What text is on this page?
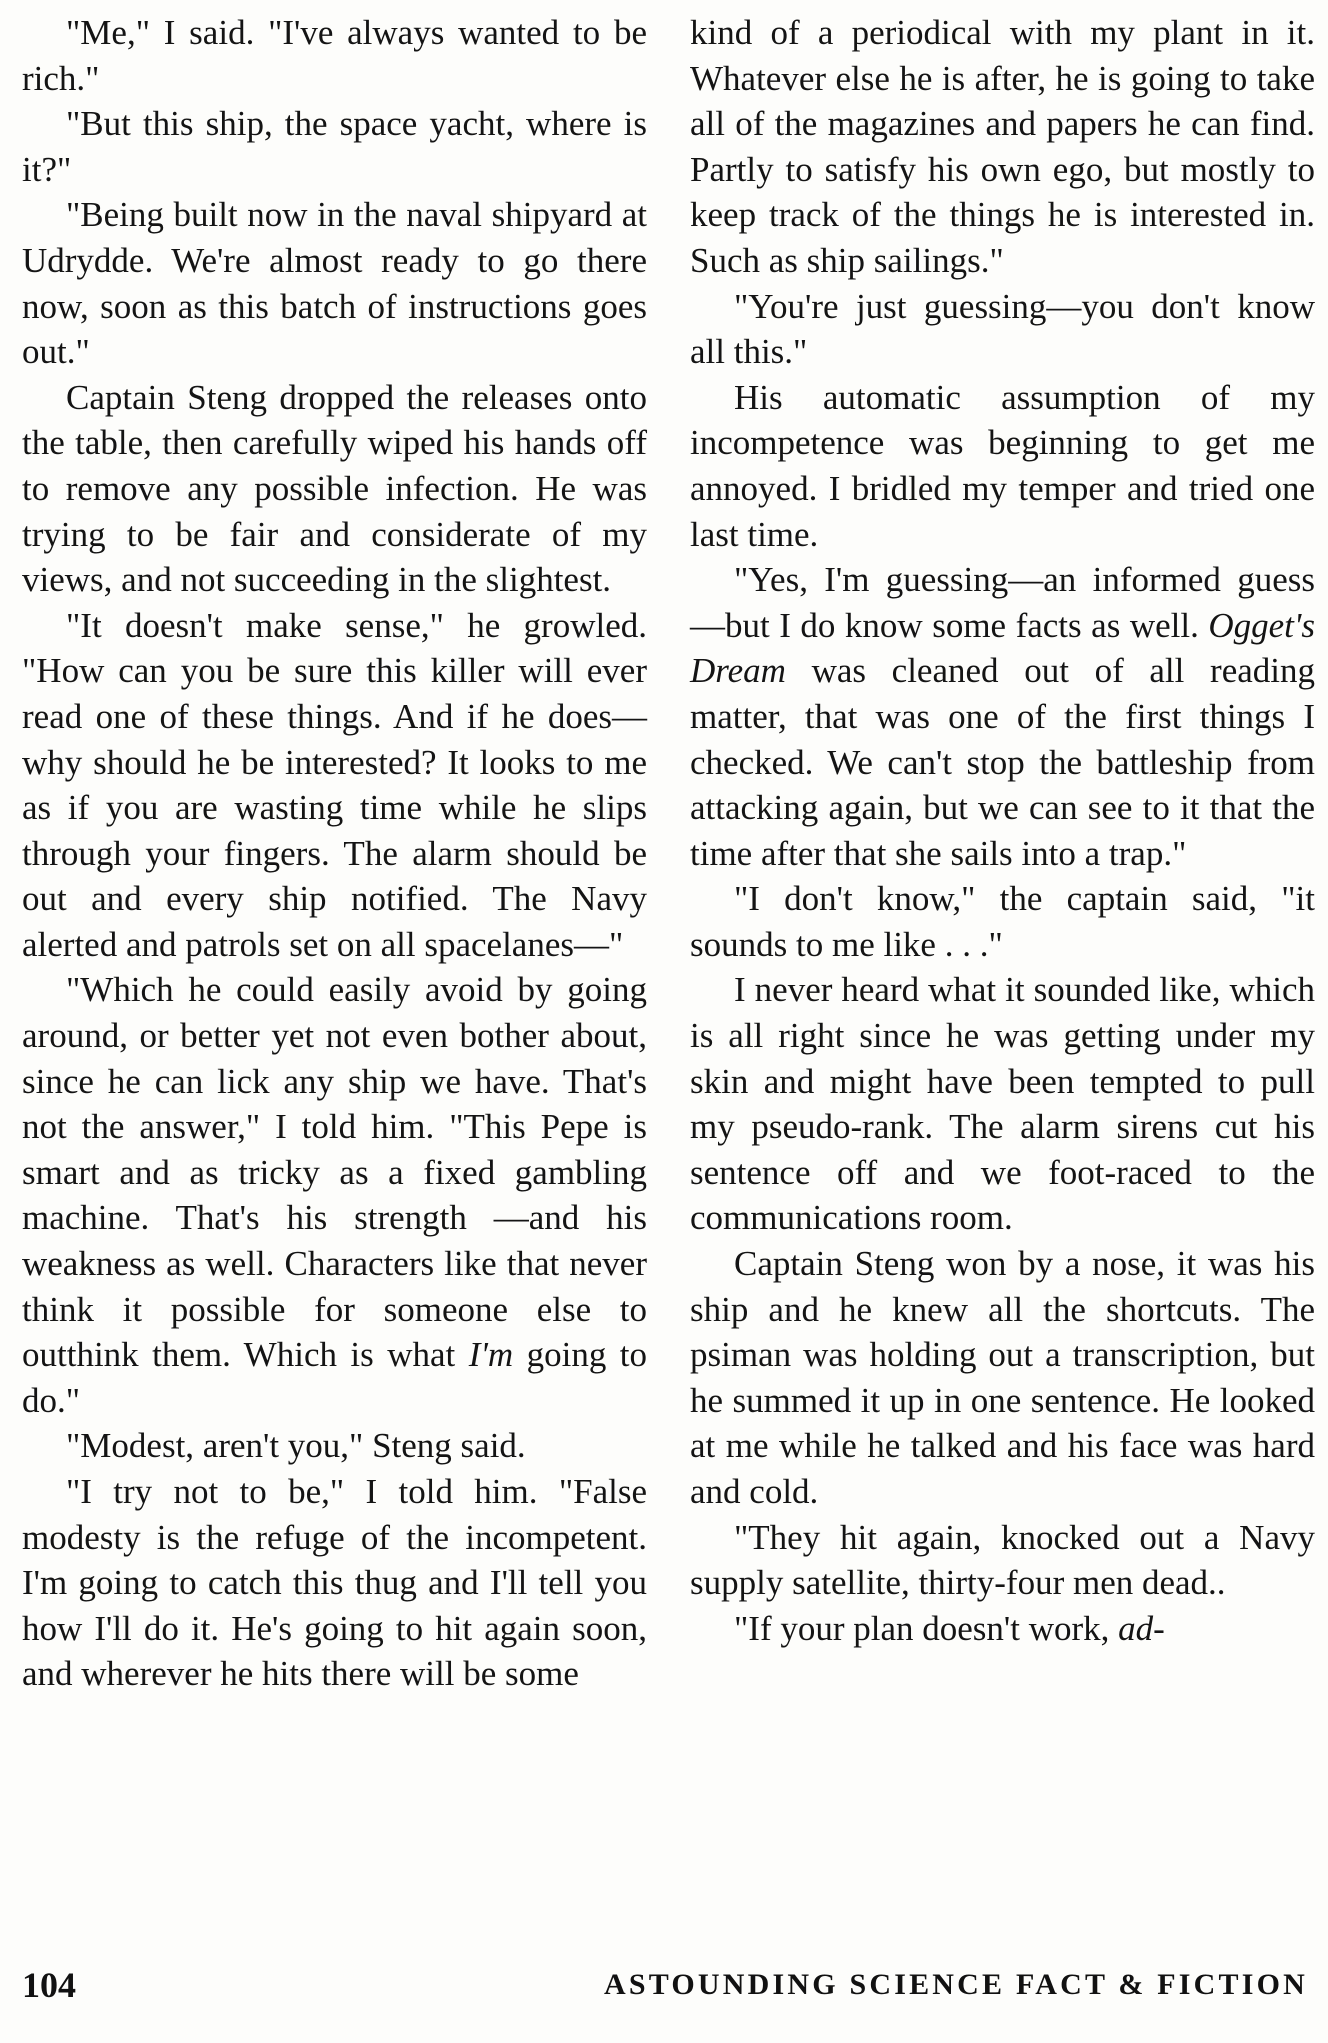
"Me," I said. "I've always wanted to be rich."

"But this ship, the space yacht, where is it?"

"Being built now in the naval shipyard at Udrydde. We're almost ready to go there now, soon as this batch of instructions goes out."

Captain Steng dropped the releases onto the table, then carefully wiped his hands off to remove any possible infection. He was trying to be fair and considerate of my views, and not succeeding in the slightest.

"It doesn't make sense," he growled. "How can you be sure this killer will ever read one of these things. And if he does—why should he be interested? It looks to me as if you are wasting time while he slips through your fingers. The alarm should be out and every ship notified. The Navy alerted and patrols set on all spacelanes—"

"Which he could easily avoid by going around, or better yet not even bother about, since he can lick any ship we have. That's not the answer," I told him. "This Pepe is smart and as tricky as a fixed gambling machine. That's his strength —and his weakness as well. Characters like that never think it possible for someone else to outthink them. Which is what I'm going to do."

"Modest, aren't you," Steng said.

"I try not to be," I told him. "False modesty is the refuge of the incompetent. I'm going to catch this thug and I'll tell you how I'll do it. He's going to hit again soon, and wherever he hits there will be some

kind of a periodical with my plant in it. Whatever else he is after, he is going to take all of the magazines and papers he can find. Partly to satisfy his own ego, but mostly to keep track of the things he is interested in. Such as ship sailings."

"You're just guessing—you don't know all this."

His automatic assumption of my incompetence was beginning to get me annoyed. I bridled my temper and tried one last time.

"Yes, I'm guessing—an informed guess—but I do know some facts as well. Ogget's Dream was cleaned out of all reading matter, that was one of the first things I checked. We can't stop the battleship from attacking again, but we can see to it that the time after that she sails into a trap."

"I don't know," the captain said, "it sounds to me like . . ."

I never heard what it sounded like, which is all right since he was getting under my skin and might have been tempted to pull my pseudo-rank. The alarm sirens cut his sentence off and we foot-raced to the communications room.

Captain Steng won by a nose, it was his ship and he knew all the shortcuts. The psiman was holding out a transcription, but he summed it up in one sentence. He looked at me while he talked and his face was hard and cold.

"They hit again, knocked out a Navy supply satellite, thirty-four men dead..

"If your plan doesn't work, ad-

104	ASTOUNDING SCIENCE FACT & FICTION
